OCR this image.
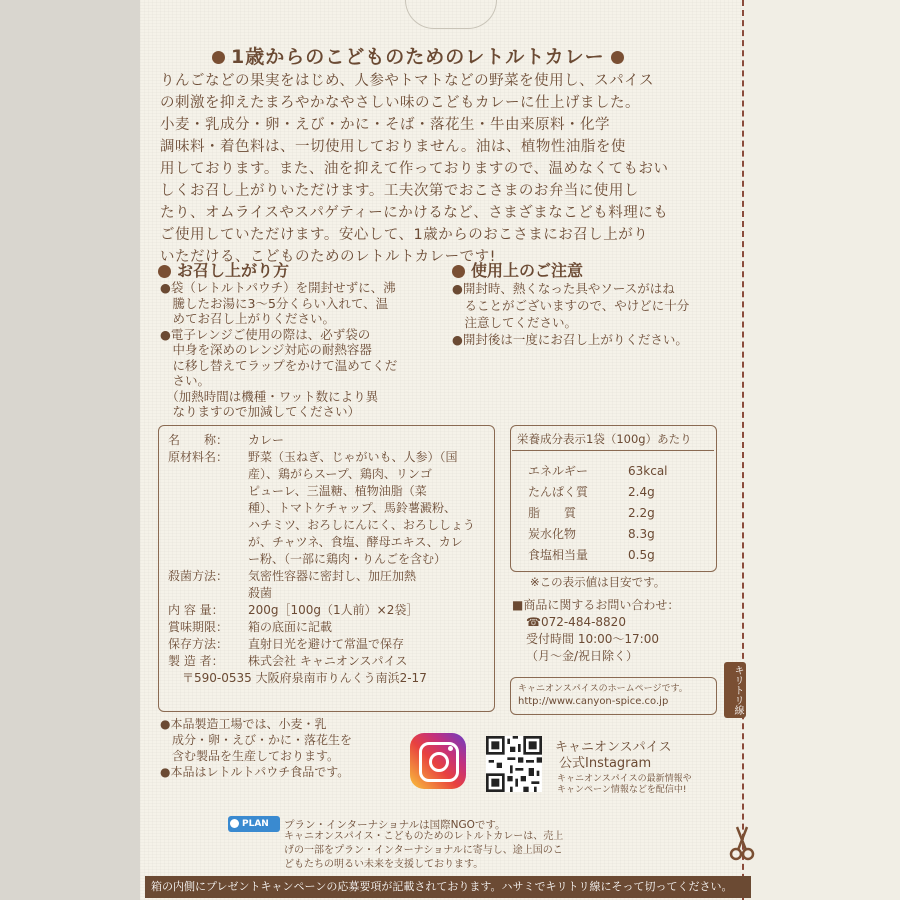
キリトリ線
1歳からのこどものためのレトルトカレー
りんごなどの果実をはじめ、人参やトマトなどの野菜を使用し、スパイス
の刺激を抑えたまろやかなやさしい味のこどもカレーに仕上げました。
小麦・乳成分・卵・えび・かに・そば・落花生・牛由来原料・化学
調味料・着色料は、一切使用しておりません。油は、植物性油脂を使
用しております。また、油を抑えて作っておりますので、温めなくてもおい
しくお召し上がりいただけます。工夫次第でおこさまのお弁当に使用し
たり、オムライスやスパゲティーにかけるなど、さまざまなこども料理にも
ご使用していただけます。安心して、1歳からのおこさまにお召し上がり
いただける、こどものためのレトルトカレーです!
お召し上がり方
●袋（レトルトパウチ）を開封せずに、沸
　騰したお湯に3～5分くらい入れて、温
　めてお召し上がりください。
●電子レンジご使用の際は、必ず袋の
　中身を深めのレンジ対応の耐熱容器
　に移し替えてラップをかけて温めてくだ
　さい。
　（加熱時間は機種・ワット数により異
　なりますので加減してください）
使用上のご注意
●開封時、熱くなった具やソースがはね
　ることがございますので、やけどに十分
　注意してください。
●開封後は一度にお召し上がりください。
名　　称：	カレー
原材料名：	野菜（玉ねぎ、じゃがいも、人参）（国
産）、鶏がらスープ、鶏肉、リンゴ
ピューレ、三温糖、植物油脂（菜
種）、トマトケチャップ、馬鈴薯澱粉、
ハチミツ、おろしにんにく、おろししょう
が、チャツネ、食塩、酵母エキス、カレ
ー粉、（一部に鶏肉・りんごを含む）
殺菌方法：	気密性容器に密封し、加圧加熱
殺菌
内 容 量：	200g［100g（1人前）×2袋］
賞味期限：	箱の底面に記載
保存方法：	直射日光を避けて常温で保存
製 造 者：	株式会社 キャニオンスパイス
〒590-0535 大阪府泉南市りんくう南浜2-17
栄養成分表示1袋（100g）あたり
エネルギー	63kcal
たんぱく質	2.4g
脂　　質	2.2g
炭水化物	8.3g
食塩相当量	0.5g
※この表示値は目安です。
■商品に関するお問い合わせ：
☎072-484-8820
受付時間 10:00～17:00
（月～金/祝日除く）
キャニオンスパイスのホームページです。
http://www.canyon-spice.co.jp
●本品製造工場では、小麦・乳
　成分・卵・えび・かに・落花生を
　含む製品を生産しております。
●本品はレトルトパウチ食品です。
キャニオンスパイス
公式Instagram
キャニオンスパイスの最新情報や
キャンペーン情報などを配信中!
PLAN	プラン・インターナショナルは国際NGOです。
キャニオンスパイス・こどものためのレトルトカレーは、売上
げの一部をプラン・インターナショナルに寄与し、途上国のこ
どもたちの明るい未来を支援しております。
箱の内側にプレゼントキャンペーンの応募要項が記載されております。ハサミでキリトリ線にそって切ってください。
